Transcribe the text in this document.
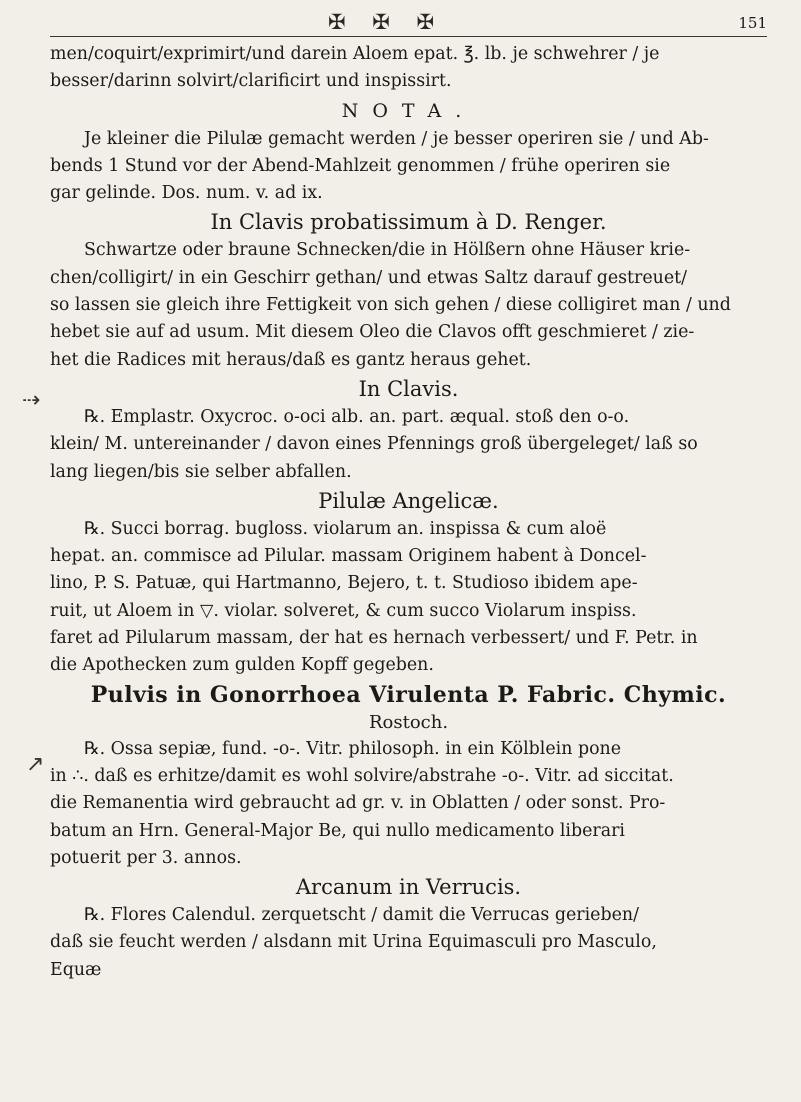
✠ ✠ ✠	151
⇢
↗
men/coquirt/exprimirt/und darein Aloem epat. ℥. lb. je schwehrer / je
besser/darinn solvirt/clarificirt und inspissirt.
NOTA.
Je kleiner die Pilulæ gemacht werden / je besser operiren sie / und Ab-
bends 1 Stund vor der Abend-Mahlzeit genommen / frühe operiren sie
gar gelinde. Dos. num. v. ad ix.
In Clavis probatissimum à D. Renger.
Schwartze oder braune Schnecken/die in Hölßern ohne Häuser krie-
chen/colligirt/ in ein Geschirr gethan/ und etwas Saltz darauf gestreuet/
so lassen sie gleich ihre Fettigkeit von sich gehen / diese colligiret man / und
hebet sie auf ad usum. Mit diesem Oleo die Clavos offt geschmieret / zie-
het die Radices mit heraus/daß es gantz heraus gehet.
In Clavis.
℞. Emplastr. Oxycroc. o-oci alb. an. part. æqual. stoß den o-o.
klein/ M. untereinander / davon eines Pfennings groß übergeleget/ laß so
lang liegen/bis sie selber abfallen.
Pilulæ Angelicæ.
℞. Succi borrag. bugloss. violarum an. inspissa & cum aloë
hepat. an. commisce ad Pilular. massam Originem habent à Doncel-
lino, P. S. Patuæ, qui Hartmanno, Bejero, t. t. Studioso ibidem ape-
ruit, ut Aloem in ▽. violar. solveret, & cum succo Violarum inspiss.
faret ad Pilularum massam, der hat es hernach verbessert/ und F. Petr. in
die Apothecken zum gulden Kopff gegeben.
Pulvis in Gonorrhoea Virulenta P. Fabric. Chymic.
Rostoch.
℞. Ossa sepiæ, fund. -o-. Vitr. philosoph. in ein Kölblein pone
in ∴. daß es erhitze/damit es wohl solvire/abstrahe -o-. Vitr. ad siccitat.
die Remanentia wird gebraucht ad gr. v. in Oblatten / oder sonst. Pro-
batum an Hrn. General-Major Be, qui nullo medicamento liberari
potuerit per 3. annos.
Arcanum in Verrucis.
℞. Flores Calendul. zerquetscht / damit die Verrucas gerieben/
daß sie feucht werden / alsdann mit Urina Equimasculi pro Masculo,
Equæ
